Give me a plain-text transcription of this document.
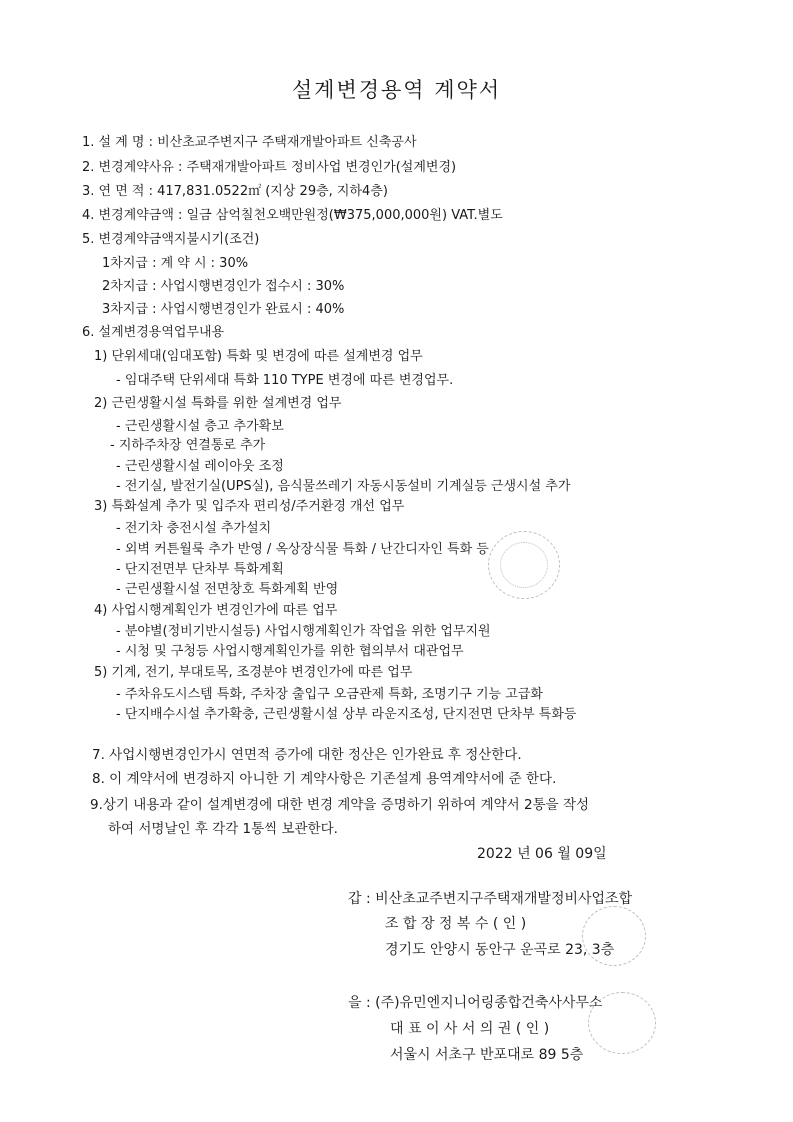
설계변경용역 계약서
1. 설 계 명 : 비산초교주변지구 주택재개발아파트 신축공사
2. 변경계약사유 : 주택재개발아파트 정비사업 변경인가(설계변경)
3. 연 면 적 : 417,831.0522㎡ (지상 29층, 지하4층)
4. 변경계약금액 : 일금 삼억칠천오백만원정(₩375,000,000원) VAT.별도
5. 변경계약금액지불시기(조건)
1차지급 : 계 약 시 : 30%
2차지급 : 사업시행변경인가 접수시 : 30%
3차지급 : 사업시행변경인가 완료시 : 40%
6. 설계변경용역업무내용
1) 단위세대(임대포함) 특화 및 변경에 따른 설계변경 업무
- 임대주택 단위세대 특화 110 TYPE 변경에 따른 변경업무.
2) 근린생활시설 특화를 위한 설계변경 업무
- 근린생활시설 층고 추가확보
- 지하주차장 연결통로 추가
- 근린생활시설 레이아웃 조정
- 전기실, 발전기실(UPS실), 음식물쓰레기 자동시동설비 기계실등 근생시설 추가
3) 특화설계 추가 및 입주자 편리성/주거환경 개선 업무
- 전기차 충전시설 추가설치
- 외벽 커튼월룩 추가 반영 / 옥상장식물 특화 / 난간디자인 특화 등
- 단지전면부 단차부 특화계획
- 근린생활시설 전면창호 특화계획 반영
4) 사업시행계획인가 변경인가에 따른 업무
- 분야별(정비기반시설등) 사업시행계획인가 작업을 위한 업무지원
- 시청 및 구청등 사업시행계획인가를 위한 협의부서 대관업무
5) 기계, 전기, 부대토목, 조경분야 변경인가에 따른 업무
- 주차유도시스템 특화, 주차장 출입구 오금관제 특화, 조명기구 기능 고급화
- 단지배수시설 추가확충, 근린생활시설 상부 라운지조성, 단지전면 단차부 특화등
7. 사업시행변경인가시 연면적 증가에 대한 정산은 인가완료 후 정산한다.
8. 이 계약서에 변경하지 아니한 기 계약사항은 기존설계 용역계약서에 준 한다.
9.상기 내용과 같이 설계변경에 대한 변경 계약을 증명하기 위하여 계약서 2통을 작성
하여 서명날인 후 각각 1통씩 보관한다.
2022 년 06 월 09일
갑 : 비산초교주변지구주택재개발정비사업조합
조 합 장 정 복 수 ( 인 )
경기도 안양시 동안구 운곡로 23, 3층
을 : (주)유민엔지니어링종합건축사사무소
대 표 이 사 서 의 권 ( 인 )
서울시 서초구 반포대로 89 5층
